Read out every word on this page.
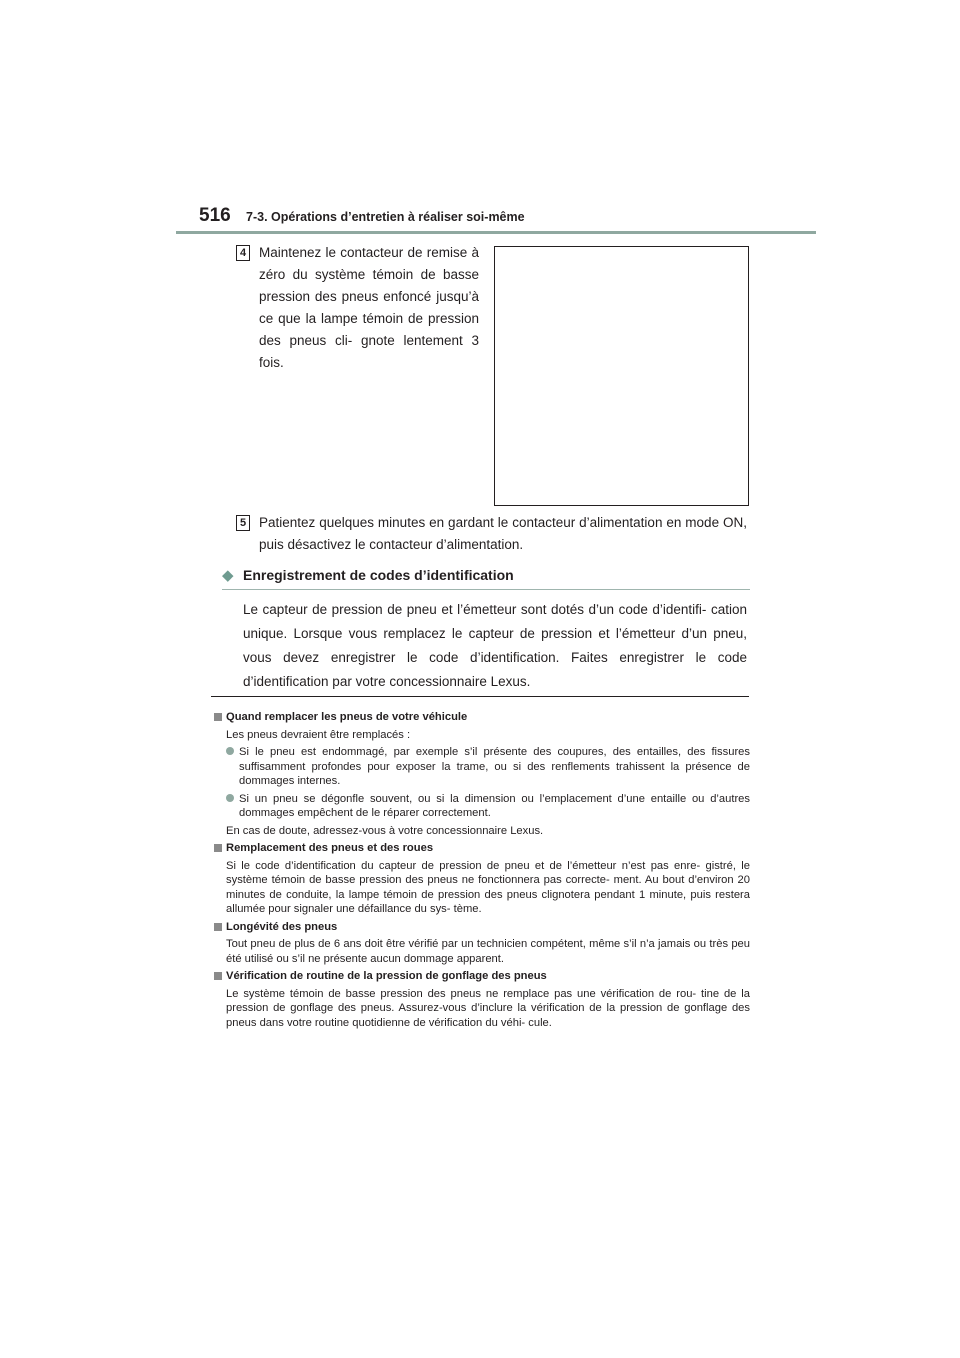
516 7-3. Opérations d’entretien à réaliser soi-même
4 Maintenez le contacteur de remise à zéro du système témoin de basse pression des pneus enfoncé jusqu’à ce que la lampe témoin de pression des pneus cli- gnote lentement 3 fois.
5 Patientez quelques minutes en gardant le contacteur d’alimentation en mode ON, puis désactivez le contacteur d’alimentation.
◆ Enregistrement de codes d’identification
Le capteur de pression de pneu et l’émetteur sont dotés d’un code d’identifi- cation unique. Lorsque vous remplacez le capteur de pression et l’émetteur d’un pneu, vous devez enregistrer le code d’identification. Faites enregistrer le code d’identification par votre concessionnaire Lexus.
Quand remplacer les pneus de votre véhicule
Les pneus devraient être remplacés :
Si le pneu est endommagé, par exemple s’il présente des coupures, des entailles, des fissures suffisamment profondes pour exposer la trame, ou si des renflements trahissent la présence de dommages internes.
Si un pneu se dégonfle souvent, ou si la dimension ou l’emplacement d’une entaille ou d’autres dommages empêchent de le réparer correctement.
En cas de doute, adressez-vous à votre concessionnaire Lexus.
Remplacement des pneus et des roues
Si le code d’identification du capteur de pression de pneu et de l’émetteur n’est pas enre- gistré, le système témoin de basse pression des pneus ne fonctionnera pas correcte- ment. Au bout d’environ 20 minutes de conduite, la lampe témoin de pression des pneus clignotera pendant 1 minute, puis restera allumée pour signaler une défaillance du sys- tème.
Longévité des pneus
Tout pneu de plus de 6 ans doit être vérifié par un technicien compétent, même s’il n’a jamais ou très peu été utilisé ou s’il ne présente aucun dommage apparent.
Vérification de routine de la pression de gonflage des pneus
Le système témoin de basse pression des pneus ne remplace pas une vérification de rou- tine de la pression de gonflage des pneus. Assurez-vous d’inclure la vérification de la pression de gonflage des pneus dans votre routine quotidienne de vérification du véhi- cule.
